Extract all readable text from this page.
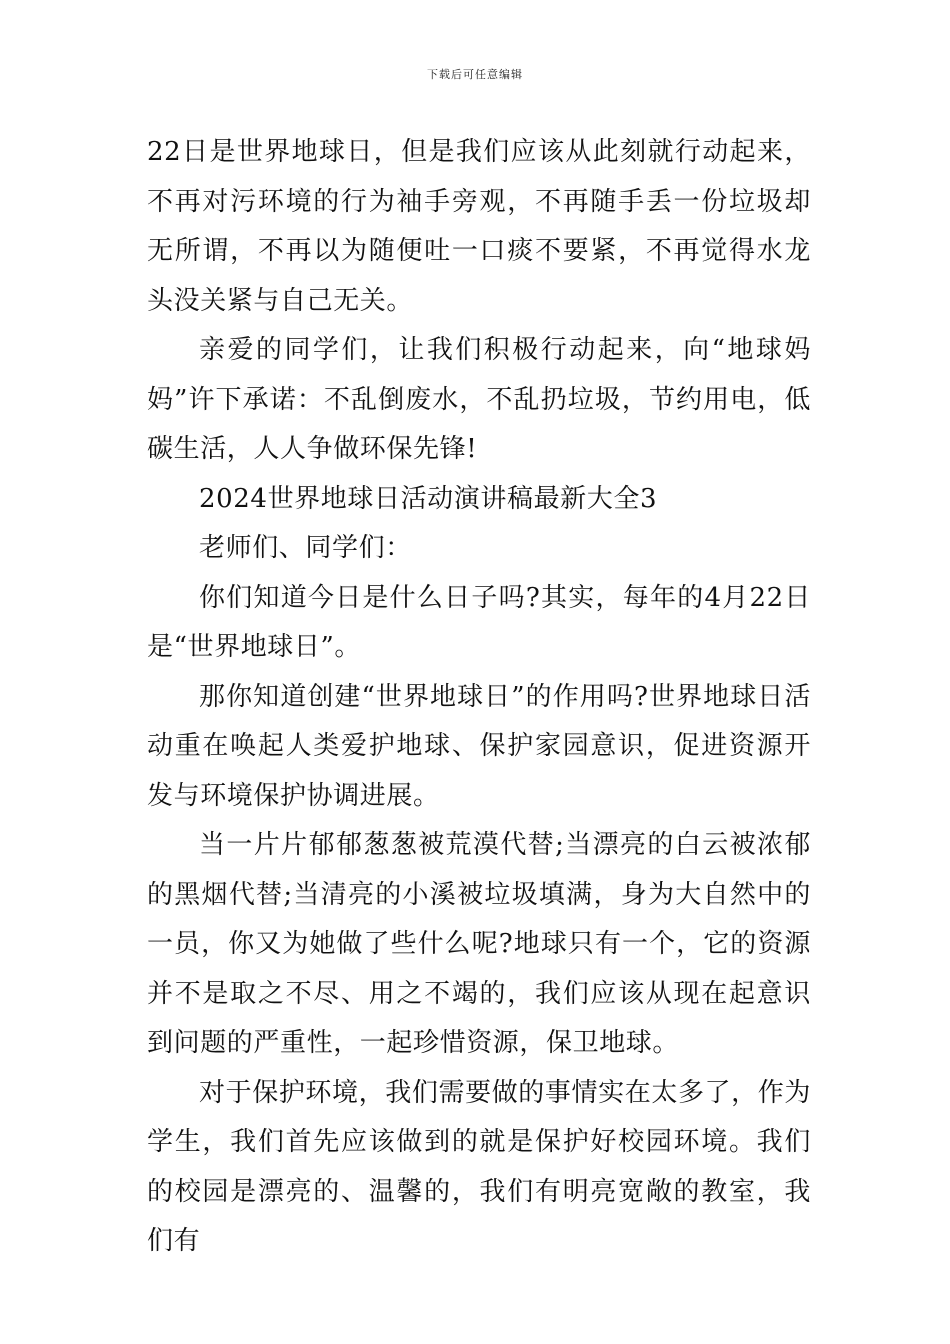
下载后可任意编辑

22日是世界地球日，但是我们应该从此刻就行动起来，不再对污环境的行为袖手旁观，不再随手丢一份垃圾却无所谓，不再以为随便吐一口痰不要紧，不再觉得水龙头没关紧与自己无关。

亲爱的同学们，让我们积极行动起来，向“地球妈妈”许下承诺：不乱倒废水，不乱扔垃圾，节约用电，低碳生活，人人争做环保先锋!

2024世界地球日活动演讲稿最新大全3

老师们、同学们：

你们知道今日是什么日子吗?其实，每年的4月22日是“世界地球日”。

那你知道创建“世界地球日”的作用吗?世界地球日活动重在唤起人类爱护地球、保护家园意识，促进资源开发与环境保护协调进展。

当一片片郁郁葱葱被荒漠代替;当漂亮的白云被浓郁的黑烟代替;当清亮的小溪被垃圾填满，身为大自然中的一员，你又为她做了些什么呢?地球只有一个，它的资源并不是取之不尽、用之不竭的，我们应该从现在起意识到问题的严重性，一起珍惜资源，保卫地球。

对于保护环境，我们需要做的事情实在太多了，作为学生，我们首先应该做到的就是保护好校园环境。我们的校园是漂亮的、温馨的，我们有明亮宽敞的教室，我们有
